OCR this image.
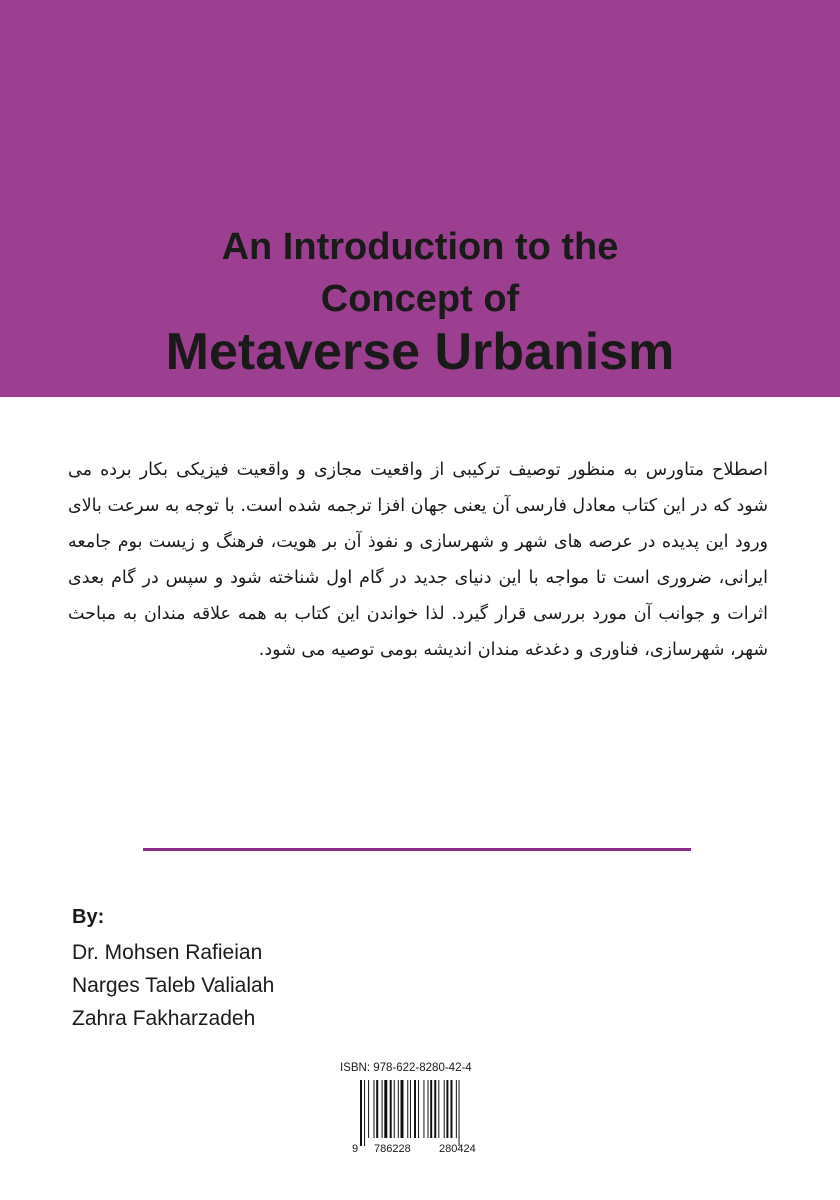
An Introduction to the
Concept of
Metaverse Urbanism

اصطلاح متاورس به منظور توصیف ترکیبی از واقعیت مجازی و واقعیت فیزیکی بکار برده می شود که در این کتاب معادل فارسی آن یعنی جهان افزا ترجمه شده است. با توجه به سرعت بالای ورود این پدیده در عرصه های شهر و شهرسازی و نفوذ آن بر هویت، فرهنگ و زیست بوم جامعه ایرانی، ضروری است تا مواجه با این دنیای جدید در گام اول شناخته شود و سپس در گام بعدی اثرات و جوانب آن مورد بررسی قرار گیرد. لذا خواندن این کتاب به همه علاقه مندان به مباحث شهر، شهرسازی، فناوری و دغدغه مندان اندیشه بومی توصیه می شود.

By:
Dr. Mohsen Rafieian
Narges Taleb Valialah
Zahra Fakharzadeh
ISBN: 978-622-8280-42-4
9 786228	280424
